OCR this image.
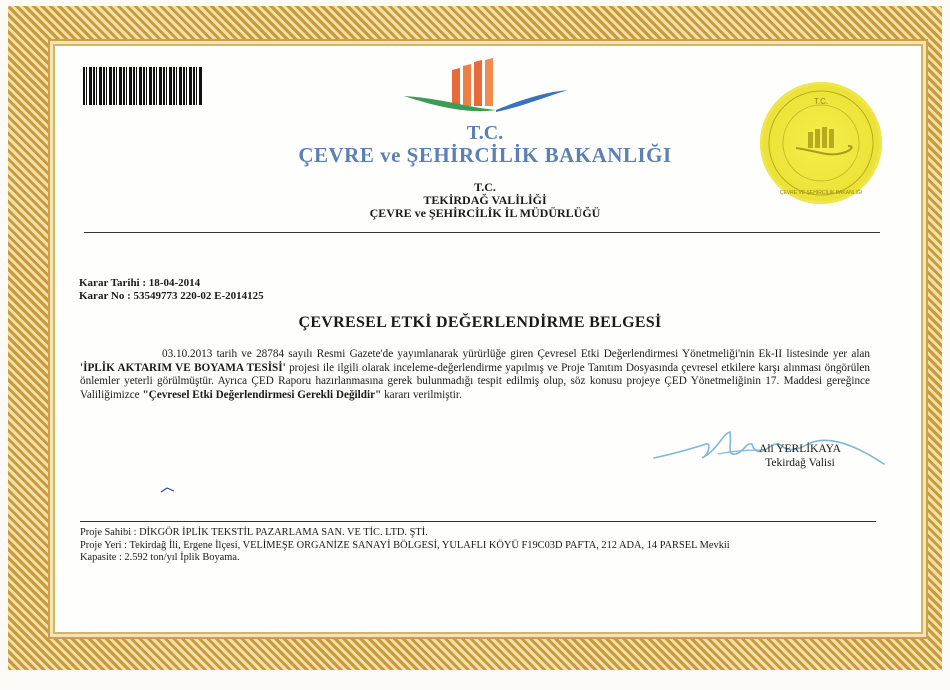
T.C.
ÇEVRE ve ŞEHİRCİLİK BAKANLIĞI
T.C.
ÇEVRE VE ŞEHİRCİLİK BAKANLIĞI
T.C.
TEKİRDAĞ VALİLİĞİ
ÇEVRE ve ŞEHİRCİLİK İL MÜDÜRLÜĞÜ
Karar Tarihi : 18-04-2014
Karar No : 53549773 220-02 E-2014125
ÇEVRESEL ETKİ DEĞERLENDİRME BELGESİ
03.10.2013 tarih ve 28784 sayılı Resmi Gazete'de yayımlanarak yürürlüğe giren Çevresel Etki Değerlendirmesi Yönetmeliği'nin Ek-II listesinde yer alan 'İPLİK AKTARIM VE BOYAMA TESİSİ' projesi ile ilgili olarak inceleme-değerlendirme yapılmış ve Proje Tanıtım Dosyasında çevresel etkilere karşı alınması öngörülen önlemler yeterli görülmüştür. Ayrıca ÇED Raporu hazırlanmasına gerek bulunmadığı tespit edilmiş olup, söz konusu projeye ÇED Yönetmeliğinin 17. Maddesi gereğince Valiliğimizce "Çevresel Etki Değerlendirmesi Gerekli Değildir" kararı verilmiştir.
Ali YERLİKAYA
Tekirdağ Valisi
Proje Sahibi : DİKGÖR İPLİK TEKSTİL PAZARLAMA SAN. VE TİC. LTD. ŞTİ.
Proje Yeri : Tekirdağ İli, Ergene İlçesi, VELİMEŞE ORGANİZE SANAYİ BÖLGESİ, YULAFLI KÖYÜ F19C03D PAFTA, 212 ADA, 14 PARSEL Mevkii
Kapasite : 2.592 ton/yıl İplik Boyama.
